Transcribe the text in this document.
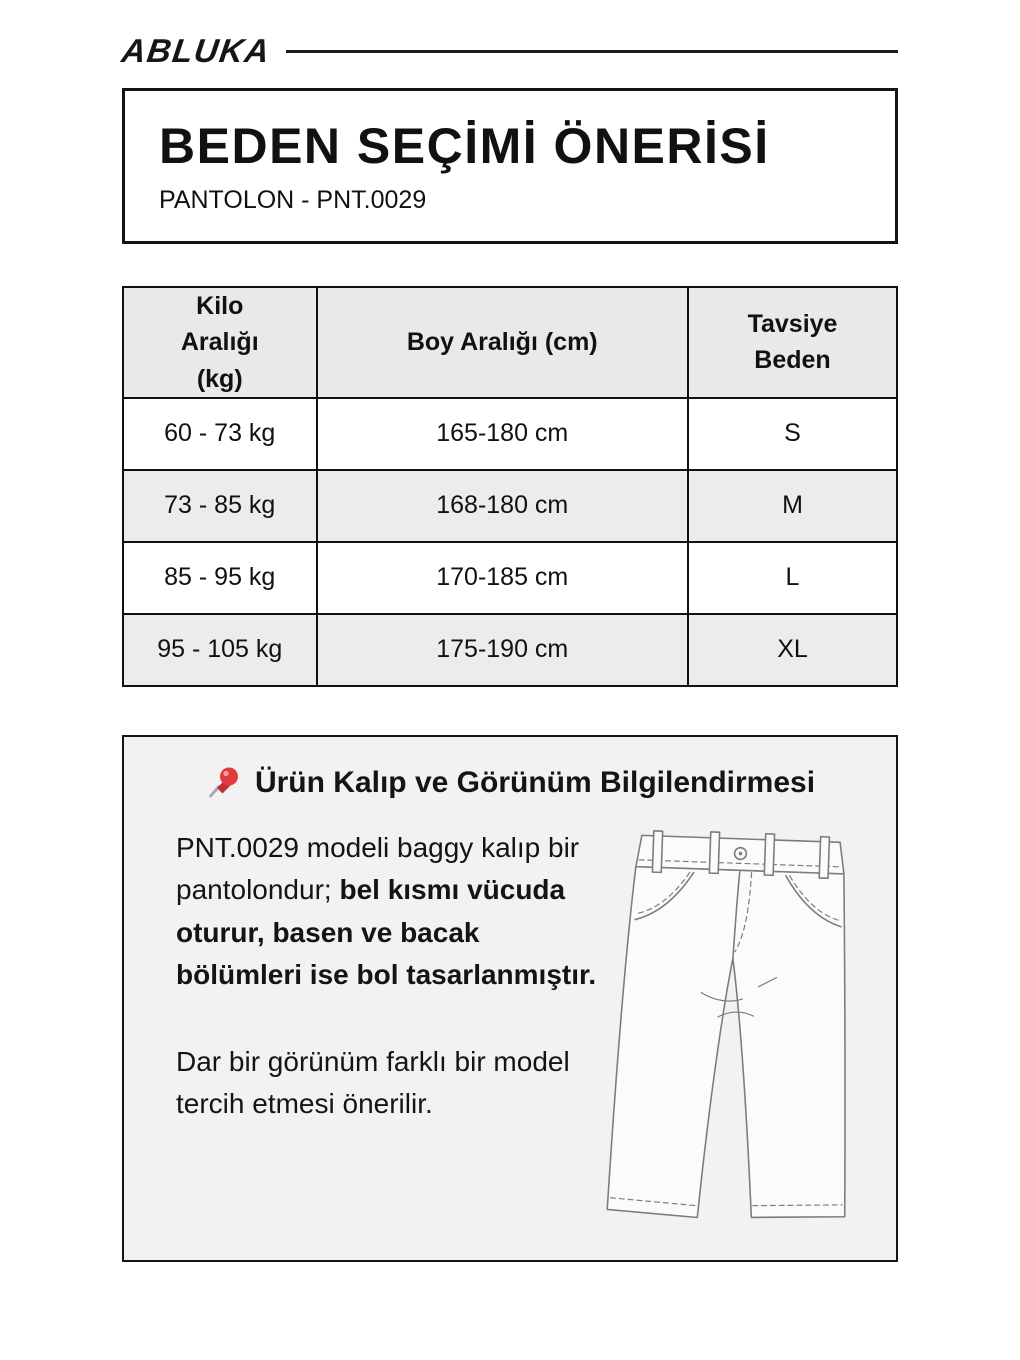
ABLUKA
BEDEN SEÇİMİ ÖNERİSİ
PANTOLON - PNT.0029
Kilo Aralığı (kg)	Boy Aralığı (cm)	Tavsiye Beden
60 - 73 kg	165-180 cm	S
73 - 85 kg	168-180 cm	M
85 - 95 kg	170-185 cm	L
95 - 105 kg	175-190 cm	XL
Ürün Kalıp ve Görünüm Bilgilendirmesi

PNT.0029 modeli baggy kalıp bir pantolondur; bel kısmı vücuda oturur, basen ve bacak bölümleri ise bol tasarlanmıştır.

Dar bir görünüm farklı bir model tercih etmesi önerilir.
